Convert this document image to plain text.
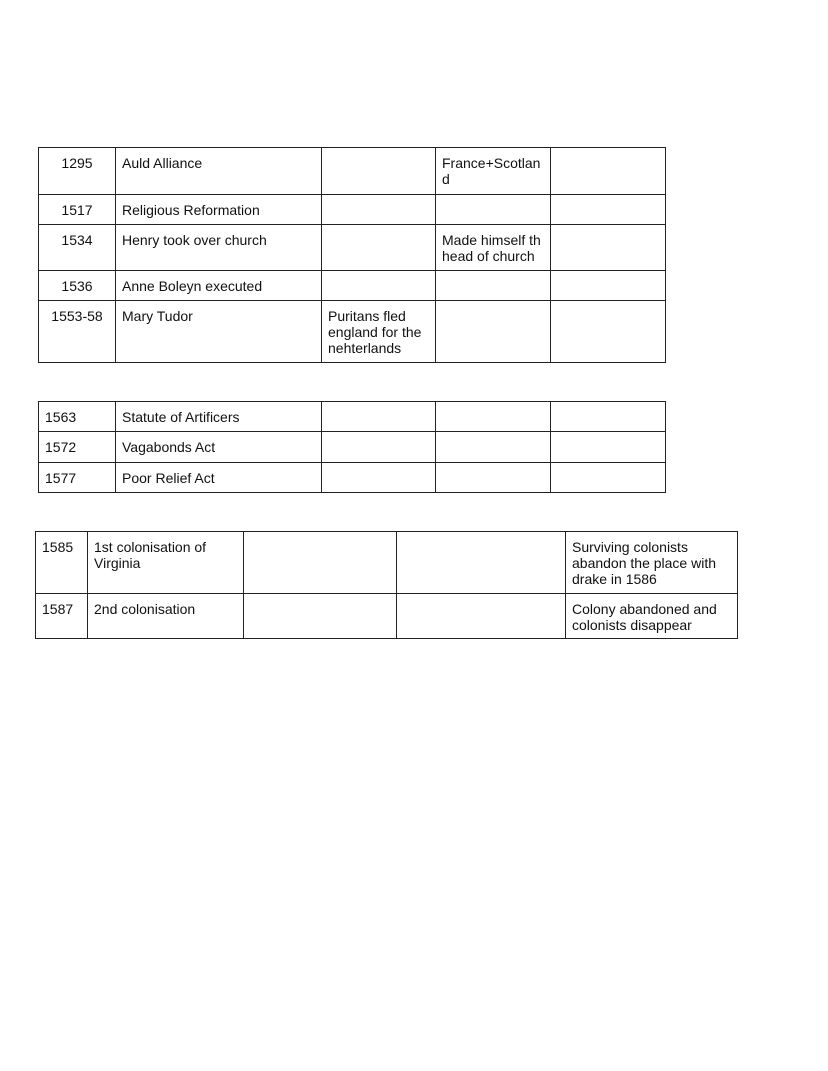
1295	Auld Alliance		France+Scotlan d	
1517	Religious Reformation			
1534	Henry took over church		Made himself th head of church	
1536	Anne Boleyn executed			
1553-58	Mary Tudor	Puritans fled england for the nehterlands		
1563	Statute of Artificers			
1572	Vagabonds Act			
1577	Poor Relief Act			
1585	1st colonisation of Virginia			Surviving colonists abandon the place with drake in 1586
1587	2nd colonisation			Colony abandoned and colonists disappear
